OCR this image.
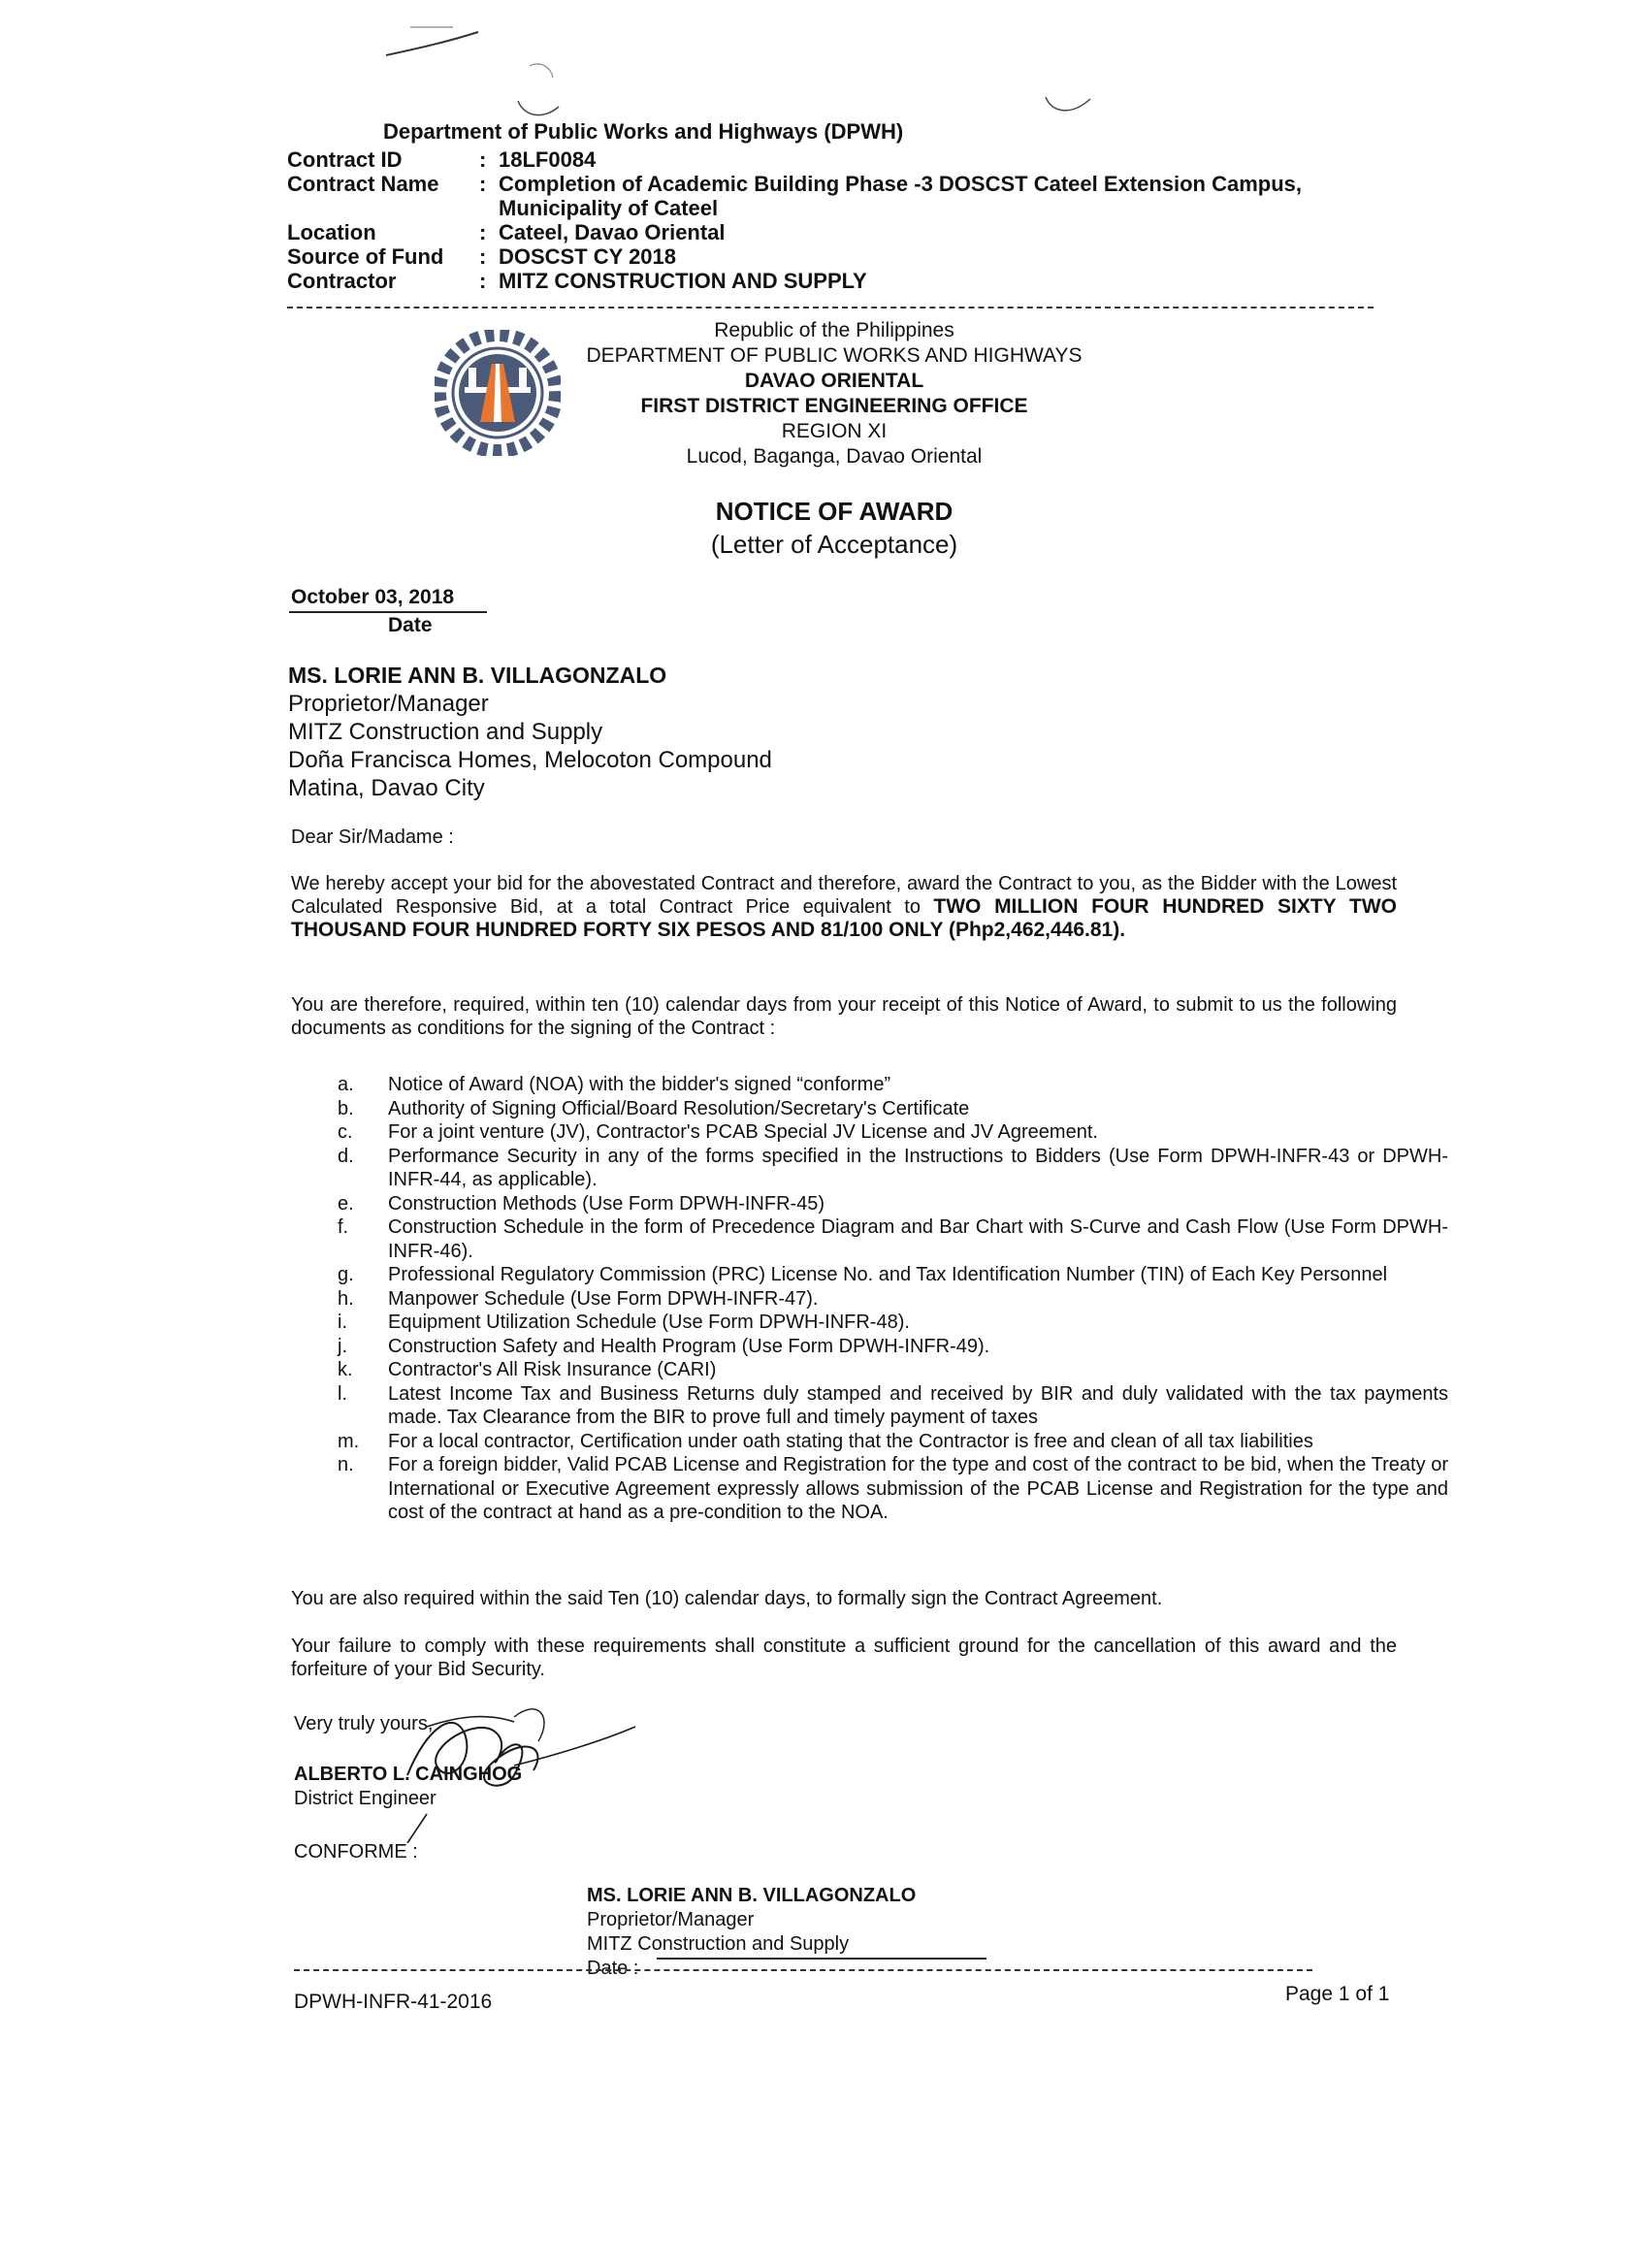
Department of Public Works and Highways (DPWH)
Contract ID	: 18LF0084
Contract Name	: Completion of Academic Building Phase -3 DOSCST Cateel Extension Campus, Municipality of Cateel
Location	: Cateel, Davao Oriental
Source of Fund	: DOSCST CY 2018
Contractor	: MITZ CONSTRUCTION AND SUPPLY
Republic of the Philippines
DEPARTMENT OF PUBLIC WORKS AND HIGHWAYS
DAVAO ORIENTAL
FIRST DISTRICT ENGINEERING OFFICE
REGION XI
Lucod, Baganga, Davao Oriental
NOTICE OF AWARD
(Letter of Acceptance)
October 03, 2018
Date
MS. LORIE ANN B. VILLAGONZALO
Proprietor/Manager
MITZ Construction and Supply
Doña Francisca Homes, Melocoton Compound
Matina, Davao City
Dear Sir/Madame :
We hereby accept your bid for the abovestated Contract and therefore, award the Contract to you, as the Bidder with the Lowest Calculated Responsive Bid, at a total Contract Price equivalent to TWO MILLION FOUR HUNDRED SIXTY TWO THOUSAND FOUR HUNDRED FORTY SIX PESOS AND 81/100 ONLY (Php2,462,446.81).
You are therefore, required, within ten (10) calendar days from your receipt of this Notice of Award, to submit to us the following documents as conditions for the signing of the Contract :
a.	Notice of Award (NOA) with the bidder's signed “conforme”
b.	Authority of Signing Official/Board Resolution/Secretary's Certificate
c.	For a joint venture (JV), Contractor's PCAB Special JV License and JV Agreement.
d.	Performance Security in any of the forms specified in the Instructions to Bidders (Use Form DPWH-INFR-43 or DPWH-INFR-44, as applicable).
e.	Construction Methods (Use Form DPWH-INFR-45)
f.	Construction Schedule in the form of Precedence Diagram and Bar Chart with S-Curve and Cash Flow (Use Form DPWH-INFR-46).
g.	Professional Regulatory Commission (PRC) License No. and Tax Identification Number (TIN) of Each Key Personnel
h.	Manpower Schedule (Use Form DPWH-INFR-47).
i.	Equipment Utilization Schedule (Use Form DPWH-INFR-48).
j.	Construction Safety and Health Program (Use Form DPWH-INFR-49).
k.	Contractor's All Risk Insurance (CARI)
l.	Latest Income Tax and Business Returns duly stamped and received by BIR and duly validated with the tax payments made. Tax Clearance from the BIR to prove full and timely payment of taxes
m.	For a local contractor, Certification under oath stating that the Contractor is free and clean of all tax liabilities
n.	For a foreign bidder, Valid PCAB License and Registration for the type and cost of the contract to be bid, when the Treaty or International or Executive Agreement expressly allows submission of the PCAB License and Registration for the type and cost of the contract at hand as a pre-condition to the NOA.
You are also required within the said Ten (10) calendar days, to formally sign the Contract Agreement.
Your failure to comply with these requirements shall constitute a sufficient ground for the cancellation of this award and the forfeiture of your Bid Security.
Very truly yours,
ALBERTO L. CAINGHOG
District Engineer
CONFORME :
MS. LORIE ANN B. VILLAGONZALO
Proprietor/Manager
MITZ Construction and Supply
Date :
DPWH-INFR-41-2016	Page 1 of 1
